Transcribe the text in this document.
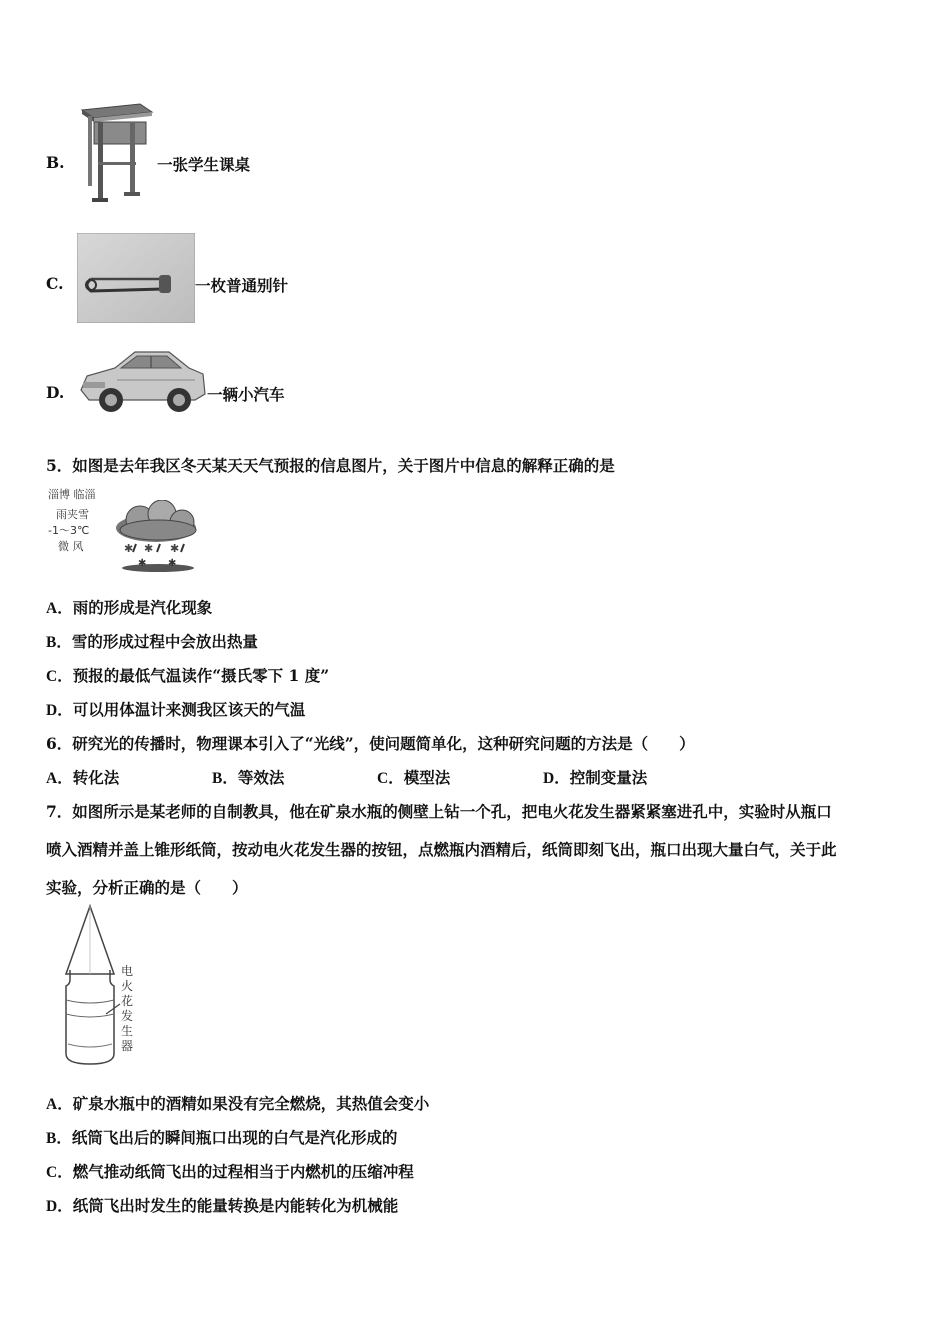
B.	一张学生课桌
C.	一枚普通别针
D.	一辆小汽车
5．如图是去年我区冬天某天天气预报的信息图片，关于图片中信息的解释正确的是
淄博 临淄
雨夹雪
-1～3℃
微 风	✱ ✱ ✱
✱ ✱
A．雨的形成是汽化现象
B．雪的形成过程中会放出热量
C．预报的最低气温读作“摄氏零下 1 度”
D．可以用体温计来测我区该天的气温
6．研究光的传播时，物理课本引入了“光线”，使问题简单化，这种研究问题的方法是（　　）
A．转化法	B．等效法	C．模型法	D．控制变量法
7．如图所示是某老师的自制教具，他在矿泉水瓶的侧壁上钻一个孔，把电火花发生器紧紧塞进孔中，实验时从瓶口
喷入酒精并盖上锥形纸筒，按动电火花发生器的按钮，点燃瓶内酒精后，纸筒即刻飞出，瓶口出现大量白气，关于此
实验，分析正确的是（　　）
电
火
花
发
生
器
A．矿泉水瓶中的酒精如果没有完全燃烧，其热值会变小
B．纸筒飞出后的瞬间瓶口出现的白气是汽化形成的
C．燃气推动纸筒飞出的过程相当于内燃机的压缩冲程
D．纸筒飞出时发生的能量转换是内能转化为机械能
